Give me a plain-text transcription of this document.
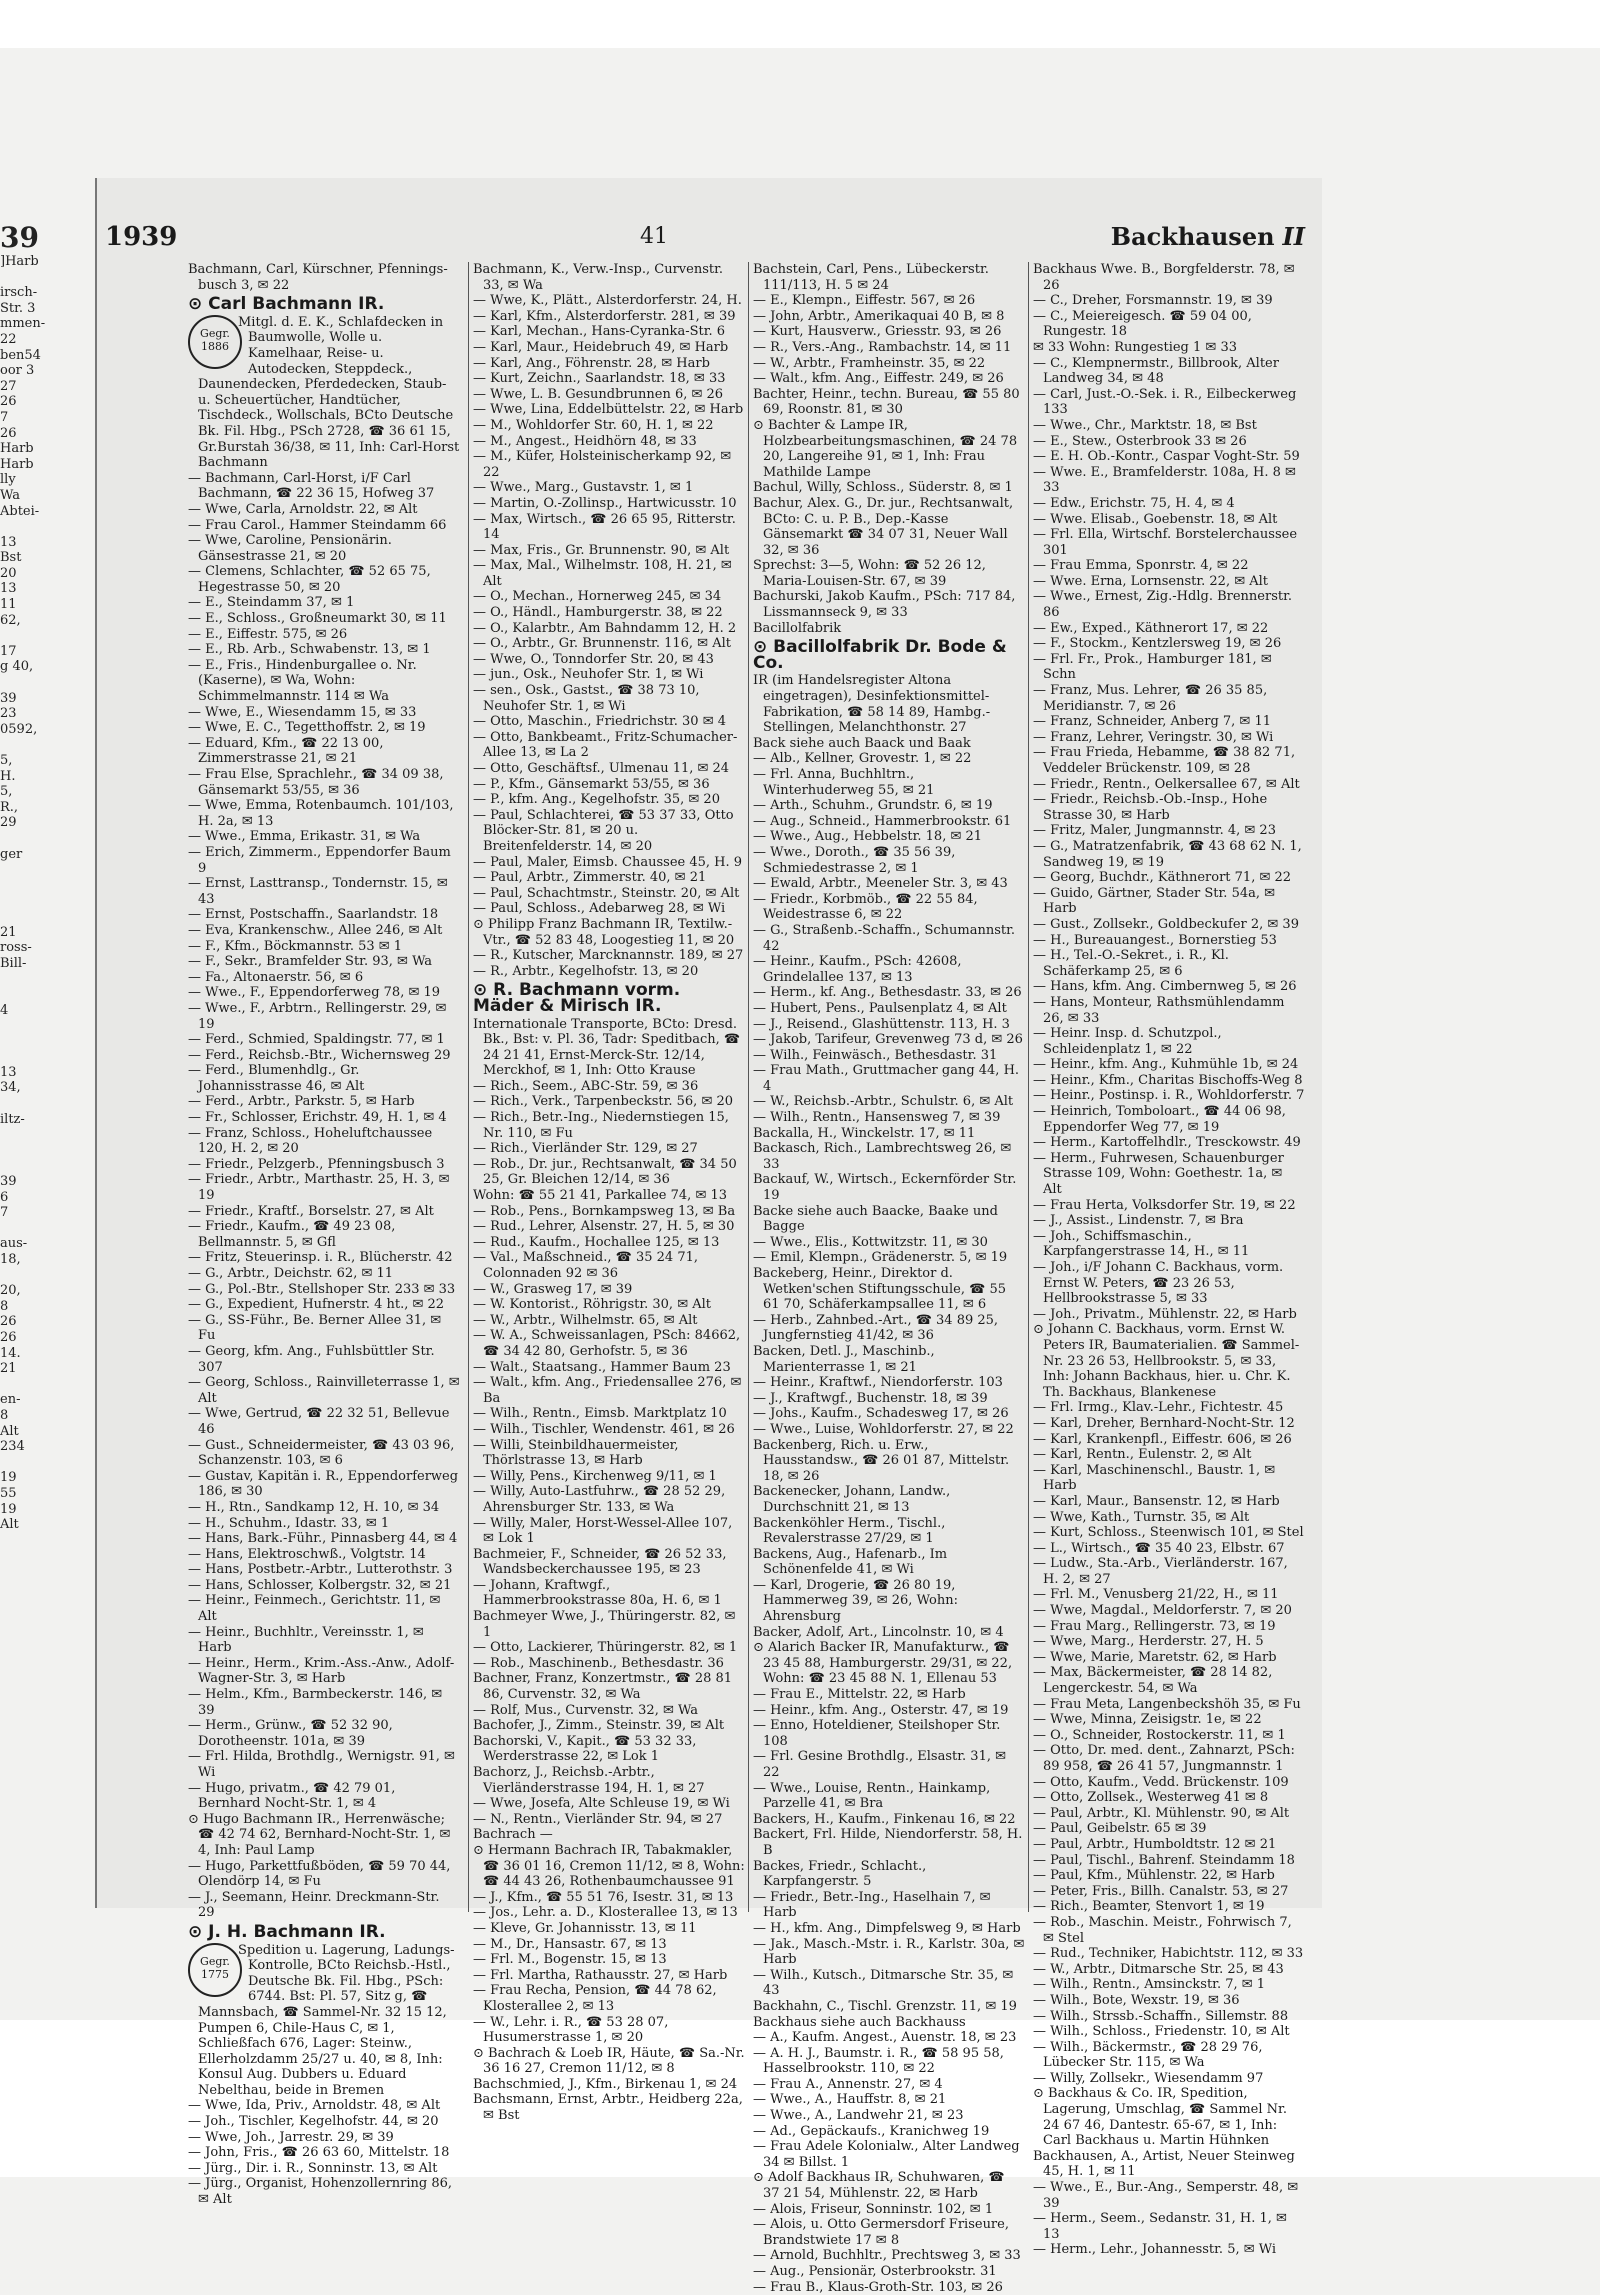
39
]Harb

irsch-
Str. 3
mmen-
22
ben54
oor 3
27
26
7
26
Harb
Harb
lly
Wa
Abtei-

13
Bst
20
13
11
62,

17
g 40,

39
23
0592,

5,
H.
5,
R.,
29

ger

21
ross-
Bill-

4

13
34,

iltz-

39
6
7

aus-
18,

20,
8
26
26
14.
21

en-
8
Alt
234

19
55
19
Alt
1939	41	Backhausen II

Bachmann, Carl, Kürschner, Pfennings-busch 3, ✉ 22

⊙ Carl Bachmann IR.
Gegr. 1886

Mitgl. d. E. K., Schlafdecken in Baumwolle, Wolle u. Kamelhaar, Reise- u. Autodecken, Steppdeck., Daunendecken, Pferdedecken, Staub- u. Scheuertücher, Handtücher, Tischdeck., Wollschals, BCto Deutsche Bk. Fil. Hbg., PSch 2728, ☎ 36 61 15, Gr.Burstah 36/38, ✉ 11, Inh: Carl-Horst Bachmann

— Bachmann, Carl-Horst, i/F Carl Bachmann, ☎ 22 36 15, Hofweg 37

— Wwe, Carla, Arnoldstr. 22, ✉ Alt

— Frau Carol., Hammer Steindamm 66

— Wwe, Caroline, Pensionärin. Gänsestrasse 21, ✉ 20

— Clemens, Schlachter, ☎ 52 65 75, Hegestrasse 50, ✉ 20

— E., Steindamm 37, ✉ 1

— E., Schloss., Großneumarkt 30, ✉ 11

— E., Eiffestr. 575, ✉ 26

— E., Rb. Arb., Schwabenstr. 13, ✉ 1

— E., Fris., Hindenburgallee o. Nr. (Kaserne), ✉ Wa, Wohn: Schimmelmannstr. 114 ✉ Wa

— Wwe, E., Wiesendamm 15, ✉ 33

— Wwe, E. C., Tegetthoffstr. 2, ✉ 19

— Eduard, Kfm., ☎ 22 13 00, Zimmerstrasse 21, ✉ 21

— Frau Else, Sprachlehr., ☎ 34 09 38, Gänsemarkt 53/55, ✉ 36

— Wwe, Emma, Rotenbaumch. 101/103, H. 2a, ✉ 13

— Wwe., Emma, Erikastr. 31, ✉ Wa

— Erich, Zimmerm., Eppendorfer Baum 9

— Ernst, Lasttransp., Tondernstr. 15, ✉ 43

— Ernst, Postschaffn., Saarlandstr. 18

— Eva, Krankenschw., Allee 246, ✉ Alt

— F., Kfm., Böckmannstr. 53 ✉ 1

— F., Sekr., Bramfelder Str. 93, ✉ Wa

— Fa., Altonaerstr. 56, ✉ 6

— Wwe., F., Eppendorferweg 78, ✉ 19

— Wwe., F., Arbtrn., Rellingerstr. 29, ✉ 19

— Ferd., Schmied, Spaldingstr. 77, ✉ 1

— Ferd., Reichsb.-Btr., Wichernsweg 29

— Ferd., Blumenhdlg., Gr. Johannisstrasse 46, ✉ Alt

— Ferd., Arbtr., Parkstr. 5, ✉ Harb

— Fr., Schlosser, Erichstr. 49, H. 1, ✉ 4

— Franz, Schloss., Hoheluftchaussee 120, H. 2, ✉ 20

— Friedr., Pelzgerb., Pfenningsbusch 3

— Friedr., Arbtr., Marthastr. 25, H. 3, ✉ 19

— Friedr., Kraftf., Borselstr. 27, ✉ Alt

— Friedr., Kaufm., ☎ 49 23 08, Bellmannstr. 5, ✉ Gfl

— Fritz, Steuerinsp. i. R., Blücherstr. 42

— G., Arbtr., Deichstr. 62, ✉ 11

— G., Pol.-Btr., Stellshoper Str. 233 ✉ 33

— G., Expedient, Hufnerstr. 4 ht., ✉ 22

— G., SS-Führ., Be. Berner Allee 31, ✉ Fu

— Georg, kfm. Ang., Fuhlsbüttler Str. 307

— Georg, Schloss., Rainvilleterrasse 1, ✉ Alt

— Wwe, Gertrud, ☎ 22 32 51, Bellevue 46

— Gust., Schneidermeister, ☎ 43 03 96, Schanzenstr. 103, ✉ 6

— Gustav, Kapitän i. R., Eppendorferweg 186, ✉ 30

— H., Rtn., Sandkamp 12, H. 10, ✉ 34

— H., Schuhm., Idastr. 33, ✉ 1

— Hans, Bark.-Führ., Pinnasberg 44, ✉ 4

— Hans, Elektroschwß., Volgtstr. 14

— Hans, Postbetr.-Arbtr., Lutterothstr. 3

— Hans, Schlosser, Kolbergstr. 32, ✉ 21

— Heinr., Feinmech., Gerichtstr. 11, ✉ Alt

— Heinr., Buchhltr., Vereinsstr. 1, ✉ Harb

— Heinr., Herm., Krim.-Ass.-Anw., Adolf-Wagner-Str. 3, ✉ Harb

— Helm., Kfm., Barmbeckerstr. 146, ✉ 39

— Herm., Grünw., ☎ 52 32 90, Dorotheenstr. 101a, ✉ 39

— Frl. Hilda, Brothdlg., Wernigstr. 91, ✉ Wi

— Hugo, privatm., ☎ 42 79 01, Bernhard Nocht-Str. 1, ✉ 4

⊙ Hugo Bachmann IR., Herrenwäsche; ☎ 42 74 62, Bernhard-Nocht-Str. 1, ✉ 4, Inh: Paul Lamp

— Hugo, Parkettfußböden, ☎ 59 70 44, Olendörp 14, ✉ Fu

— J., Seemann, Heinr. Dreckmann-Str. 29

⊙ J. H. Bachmann IR.
Gegr. 1775

Spedition u. Lagerung, Ladungs-Kontrolle, BCto Reichsb.-Hstl., Deutsche Bk. Fil. Hbg., PSch: 6744. Bst: Pl. 57, Sitz g, ☎ Mannsbach, ☎ Sammel-Nr. 32 15 12, Pumpen 6, Chile-Haus C, ✉ 1, Schließfach 676, Lager: Steinw., Ellerholzdamm 25/27 u. 40, ✉ 8, Inh: Konsul Aug. Dubbers u. Eduard Nebelthau, beide in Bremen

— Wwe, Ida, Priv., Arnoldstr. 48, ✉ Alt

— Joh., Tischler, Kegelhofstr. 44, ✉ 20

— Wwe, Joh., Jarrestr. 29, ✉ 39

— John, Fris., ☎ 26 63 60, Mittelstr. 18

— Jürg., Dir. i. R., Sonninstr. 13, ✉ Alt

— Jürg., Organist, Hohenzollernring 86, ✉ Alt

Bachmann, K., Verw.-Insp., Curvenstr. 33, ✉ Wa

— Wwe, K., Plätt., Alsterdorferstr. 24, H.

— Karl, Kfm., Alsterdorferstr. 281, ✉ 39

— Karl, Mechan., Hans-Cyranka-Str. 6

— Karl, Maur., Heidebruch 49, ✉ Harb

— Karl, Ang., Föhrenstr. 28, ✉ Harb

— Kurt, Zeichn., Saarlandstr. 18, ✉ 33

— Wwe, L. B. Gesundbrunnen 6, ✉ 26

— Wwe, Lina, Eddelbüttelstr. 22, ✉ Harb

— M., Wohldorfer Str. 60, H. 1, ✉ 22

— M., Angest., Heidhörn 48, ✉ 33

— M., Küfer, Holsteinischerkamp 92, ✉ 22

— Wwe., Marg., Gustavstr. 1, ✉ 1

— Martin, O.-Zollinsp., Hartwicusstr. 10

— Max, Wirtsch., ☎ 26 65 95, Ritterstr. 14

— Max, Fris., Gr. Brunnenstr. 90, ✉ Alt

— Max, Mal., Wilhelmstr. 108, H. 21, ✉ Alt

— O., Mechan., Hornerweg 245, ✉ 34

— O., Händl., Hamburgerstr. 38, ✉ 22

— O., Kalarbtr., Am Bahndamm 12, H. 2

— O., Arbtr., Gr. Brunnenstr. 116, ✉ Alt

— Wwe, O., Tonndorfer Str. 20, ✉ 43

— jun., Osk., Neuhofer Str. 1, ✉ Wi

— sen., Osk., Gastst., ☎ 38 73 10, Neuhofer Str. 1, ✉ Wi

— Otto, Maschin., Friedrichstr. 30 ✉ 4

— Otto, Bankbeamt., Fritz-Schumacher-Allee 13, ✉ La 2

— Otto, Geschäftsf., Ulmenau 11, ✉ 24

— P., Kfm., Gänsemarkt 53/55, ✉ 36

— P., kfm. Ang., Kegelhofstr. 35, ✉ 20

— Paul, Schlachterei, ☎ 53 37 33, Otto Blöcker-Str. 81, ✉ 20 u. Breitenfelderstr. 14, ✉ 20

— Paul, Maler, Eimsb. Chaussee 45, H. 9

— Paul, Arbtr., Zimmerstr. 40, ✉ 21

— Paul, Schachtmstr., Steinstr. 20, ✉ Alt

— Paul, Schloss., Adebarweg 28, ✉ Wi

⊙ Philipp Franz Bachmann IR, Textilw.-Vtr., ☎ 52 83 48, Loogestieg 11, ✉ 20

— R., Kutscher, Marcknannstr. 189, ✉ 27

— R., Arbtr., Kegelhofstr. 13, ✉ 20

⊙ R. Bachmann vorm. Mäder & Mirisch IR.

Internationale Transporte, BCto: Dresd. Bk., Bst: v. Pl. 36, Tadr: Speditbach, ☎ 24 21 41, Ernst-Merck-Str. 12/14, Merckhof, ✉ 1, Inh: Otto Krause

— Rich., Seem., ABC-Str. 59, ✉ 36

— Rich., Verk., Tarpenbeckstr. 56, ✉ 20

— Rich., Betr.-Ing., Niedernstiegen 15, Nr. 110, ✉ Fu

— Rich., Vierländer Str. 129, ✉ 27

— Rob., Dr. jur., Rechtsanwalt, ☎ 34 50 25, Gr. Bleichen 12/14, ✉ 36

Wohn: ☎ 55 21 41, Parkallee 74, ✉ 13

— Rob., Pens., Bornkampsweg 13, ✉ Ba

— Rud., Lehrer, Alsenstr. 27, H. 5, ✉ 30

— Rud., Kaufm., Hochallee 125, ✉ 13

— Val., Maßschneid., ☎ 35 24 71, Colonnaden 92 ✉ 36

— W., Grasweg 17, ✉ 39

— W. Kontorist., Röhrigstr. 30, ✉ Alt

— W., Arbtr., Wilhelmstr. 65, ✉ Alt

— W. A., Schweissanlagen, PSch: 84662, ☎ 34 42 80, Gerhofstr. 5, ✉ 36

— Walt., Staatsang., Hammer Baum 23

— Walt., kfm. Ang., Friedensallee 276, ✉ Ba

— Wilh., Rentn., Eimsb. Marktplatz 10

— Wilh., Tischler, Wendenstr. 461, ✉ 26

— Willi, Steinbildhauermeister, Thörlstrasse 13, ✉ Harb

— Willy, Pens., Kirchenweg 9/11, ✉ 1

— Willy, Auto-Lastfuhrw., ☎ 28 52 29, Ahrensburger Str. 133, ✉ Wa

— Willy, Maler, Horst-Wessel-Allee 107, ✉ Lok 1

Bachmeier, F., Schneider, ☎ 26 52 33, Wandsbeckerchaussee 195, ✉ 23

— Johann, Kraftwgf., Hammerbrookstrasse 80a, H. 6, ✉ 1

Bachmeyer Wwe, J., Thüringerstr. 82, ✉ 1

— Otto, Lackierer, Thüringerstr. 82, ✉ 1

— Rob., Maschinenb., Bethesdastr. 36

Bachner, Franz, Konzertmstr., ☎ 28 81 86, Curvenstr. 32, ✉ Wa

— Rolf, Mus., Curvenstr. 32, ✉ Wa

Bachofer, J., Zimm., Steinstr. 39, ✉ Alt

Bachorski, V., Kapit., ☎ 53 32 33, Werderstrasse 22, ✉ Lok 1

Bachorz, J., Reichsb.-Arbtr., Vierländerstrasse 194, H. 1, ✉ 27

— Wwe, Josefa, Alte Schleuse 19, ✉ Wi

— N., Rentn., Vierländer Str. 94, ✉ 27

Bachrach —

⊙ Hermann Bachrach IR, Tabakmakler, ☎ 36 01 16, Cremon 11/12, ✉ 8, Wohn: ☎ 44 43 26, Rothenbaumchaussee 91

— J., Kfm., ☎ 55 51 76, Isestr. 31, ✉ 13

— Jos., Lehr. a. D., Klosterallee 13, ✉ 13

— Kleve, Gr. Johannisstr. 13, ✉ 11

— M., Dr., Hansastr. 67, ✉ 13

— Frl. M., Bogenstr. 15, ✉ 13

— Frl. Martha, Rathausstr. 27, ✉ Harb

— Frau Recha, Pension, ☎ 44 78 62, Klosterallee 2, ✉ 13

— W., Lehr. i. R., ☎ 53 28 07, Husumerstrasse 1, ✉ 20

⊙ Bachrach & Loeb IR, Häute, ☎ Sa.-Nr. 36 16 27, Cremon 11/12, ✉ 8

Bachschmied, J., Kfm., Birkenau 1, ✉ 24

Bachsmann, Ernst, Arbtr., Heidberg 22a, ✉ Bst

Bachstein, Carl, Pens., Lübeckerstr. 111/113, H. 5 ✉ 24

— E., Klempn., Eiffestr. 567, ✉ 26

— John, Arbtr., Amerikaquai 40 B, ✉ 8

— Kurt, Hausverw., Griesstr. 93, ✉ 26

— R., Vers.-Ang., Rambachstr. 14, ✉ 11

— W., Arbtr., Framheinstr. 35, ✉ 22

— Walt., kfm. Ang., Eiffestr. 249, ✉ 26

Bachter, Heinr., techn. Bureau, ☎ 55 80 69, Roonstr. 81, ✉ 30

⊙ Bachter & Lampe IR, Holzbearbeitungsmaschinen, ☎ 24 78 20, Langereihe 91, ✉ 1, Inh: Frau Mathilde Lampe

Bachul, Willy, Schloss., Süderstr. 8, ✉ 1

Bachur, Alex. G., Dr. jur., Rechtsanwalt, BCto: C. u. P. B., Dep.-Kasse Gänsemarkt ☎ 34 07 31, Neuer Wall 32, ✉ 36

Sprechst: 3—5, Wohn: ☎ 52 26 12, Maria-Louisen-Str. 67, ✉ 39

Bachurski, Jakob Kaufm., PSch: 717 84, Lissmannseck 9, ✉ 33

Bacillolfabrik

⊙ Bacillolfabrik Dr. Bode & Co.

IR (im Handelsregister Altona eingetragen), Desinfektionsmittel-Fabrikation, ☎ 58 14 89, Hambg.-Stellingen, Melanchthonstr. 27

Back siehe auch Baack und Baak

— Alb., Kellner, Grovestr. 1, ✉ 22

— Frl. Anna, Buchhltrn., Winterhuderweg 55, ✉ 21

— Arth., Schuhm., Grundstr. 6, ✉ 19

— Aug., Schneid., Hammerbrookstr. 61

— Wwe., Aug., Hebbelstr. 18, ✉ 21

— Wwe., Doroth., ☎ 35 56 39, Schmiedestrasse 2, ✉ 1

— Ewald, Arbtr., Meeneler Str. 3, ✉ 43

— Friedr., Korbmöb., ☎ 22 55 84, Weidestrasse 6, ✉ 22

— G., Straßenb.-Schaffn., Schumannstr. 42

— Heinr., Kaufm., PSch: 42608, Grindelallee 137, ✉ 13

— Herm., kf. Ang., Bethesdastr. 33, ✉ 26

— Hubert, Pens., Paulsenplatz 4, ✉ Alt

— J., Reisend., Glashüttenstr. 113, H. 3

— Jakob, Tarifeur, Grevenweg 73 d, ✉ 26

— Wilh., Feinwäsch., Bethesdastr. 31

— Frau Math., Gruttmacher gang 44, H. 4

— W., Reichsb.-Arbtr., Schulstr. 6, ✉ Alt

— Wilh., Rentn., Hansensweg 7, ✉ 39

Backalla, H., Winckelstr. 17, ✉ 11

Backasch, Rich., Lambrechtsweg 26, ✉ 33

Backauf, W., Wirtsch., Eckernförder Str. 19

Backe siehe auch Baacke, Baake und Bagge

— Wwe., Elis., Kottwitzstr. 11, ✉ 30

— Emil, Klempn., Grädenerstr. 5, ✉ 19

Backeberg, Heinr., Direktor d. Wetken'schen Stiftungsschule, ☎ 55 61 70, Schäferkampsallee 11, ✉ 6

— Herb., Zahnbed.-Art., ☎ 34 89 25, Jungfernstieg 41/42, ✉ 36

Backen, Detl. J., Maschinb., Marienterrasse 1, ✉ 21

— Heinr., Kraftwf., Niendorferstr. 103

— J., Kraftwgf., Buchenstr. 18, ✉ 39

— Johs., Kaufm., Schadesweg 17, ✉ 26

— Wwe., Luise, Wohldorferstr. 27, ✉ 22

Backenberg, Rich. u. Erw., Hausstandsw., ☎ 26 01 87, Mittelstr. 18, ✉ 26

Backenecker, Johann, Landw., Durchschnitt 21, ✉ 13

Backenköhler Herm., Tischl., Revalerstrasse 27/29, ✉ 1

Backens, Aug., Hafenarb., Im Schönenfelde 41, ✉ Wi

— Karl, Drogerie, ☎ 26 80 19, Hammerweg 39, ✉ 26, Wohn: Ahrensburg

Backer, Adolf, Art., Lincolnstr. 10, ✉ 4

⊙ Alarich Backer IR, Manufakturw., ☎ 23 45 88, Hamburgerstr. 29/31, ✉ 22, Wohn: ☎ 23 45 88 N. 1, Ellenau 53

— Frau E., Mittelstr. 22, ✉ Harb

— Heinr., kfm. Ang., Osterstr. 47, ✉ 19

— Enno, Hoteldiener, Steilshoper Str. 108

— Frl. Gesine Brothdlg., Elsastr. 31, ✉ 22

— Wwe., Louise, Rentn., Hainkamp, Parzelle 41, ✉ Bra

Backers, H., Kaufm., Finkenau 16, ✉ 22

Backert, Frl. Hilde, Niendorferstr. 58, H. B

Backes, Friedr., Schlacht., Karpfangerstr. 5

— Friedr., Betr.-Ing., Haselhain 7, ✉ Harb

— H., kfm. Ang., Dimpfelsweg 9, ✉ Harb

— Jak., Masch.-Mstr. i. R., Karlstr. 30a, ✉ Harb

— Wilh., Kutsch., Ditmarsche Str. 35, ✉ 43

Backhahn, C., Tischl. Grenzstr. 11, ✉ 19

Backhaus siehe auch Backhauss

— A., Kaufm. Angest., Auenstr. 18, ✉ 23

— A. H. J., Baumstr. i. R., ☎ 58 95 58, Hasselbrookstr. 110, ✉ 22

— Frau A., Annenstr. 27, ✉ 4

— Wwe., A., Hauffstr. 8, ✉ 21

— Wwe., A., Landwehr 21, ✉ 23

— Ad., Gepäckaufs., Kranichweg 19

— Frau Adele Kolonialw., Alter Landweg 34 ✉ Billst. 1

⊙ Adolf Backhaus IR, Schuhwaren, ☎ 37 21 54, Mühlenstr. 22, ✉ Harb

— Alois, Friseur, Sonninstr. 102, ✉ 1

— Alois, u. Otto Germersdorf Friseure, Brandstwiete 17 ✉ 8

— Arnold, Buchhltr., Prechtsweg 3, ✉ 33

— Aug., Pensionär, Osterbrookstr. 31

— Frau B., Klaus-Groth-Str. 103, ✉ 26

Backhaus Wwe. B., Borgfelderstr. 78, ✉ 26

— C., Dreher, Forsmannstr. 19, ✉ 39

— C., Meiereigesch. ☎ 59 04 00, Rungestr. 18

✉ 33 Wohn: Rungestieg 1 ✉ 33

— C., Klempnermstr., Billbrook, Alter Landweg 34, ✉ 48

— Carl, Just.-O.-Sek. i. R., Eilbeckerweg 133

— Wwe., Chr., Marktstr. 18, ✉ Bst

— E., Stew., Osterbrook 33 ✉ 26

— E. H. Ob.-Kontr., Caspar Voght-Str. 59

— Wwe. E., Bramfelderstr. 108a, H. 8 ✉ 33

— Edw., Erichstr. 75, H. 4, ✉ 4

— Wwe. Elisab., Goebenstr. 18, ✉ Alt

— Frl. Ella, Wirtschf. Borstelerchaussee 301

— Frau Emma, Sponrstr. 4, ✉ 22

— Wwe. Erna, Lornsenstr. 22, ✉ Alt

— Wwe., Ernest, Zig.-Hdlg. Brennerstr. 86

— Ew., Exped., Käthnerort 17, ✉ 22

— F., Stockm., Kentzlersweg 19, ✉ 26

— Frl. Fr., Prok., Hamburger 181, ✉ Schn

— Franz, Mus. Lehrer, ☎ 26 35 85, Meridianstr. 7, ✉ 26

— Franz, Schneider, Anberg 7, ✉ 11

— Franz, Lehrer, Veringstr. 30, ✉ Wi

— Frau Frieda, Hebamme, ☎ 38 82 71, Veddeler Brückenstr. 109, ✉ 28

— Friedr., Rentn., Oelkersallee 67, ✉ Alt

— Friedr., Reichsb.-Ob.-Insp., Hohe Strasse 30, ✉ Harb

— Fritz, Maler, Jungmannstr. 4, ✉ 23

— G., Matratzenfabrik, ☎ 43 68 62 N. 1, Sandweg 19, ✉ 19

— Georg, Buchdr., Käthnerort 71, ✉ 22

— Guido, Gärtner, Stader Str. 54a, ✉ Harb

— Gust., Zollsekr., Goldbeckufer 2, ✉ 39

— H., Bureauangest., Bornerstieg 53

— H., Tel.-O.-Sekret., i. R., Kl. Schäferkamp 25, ✉ 6

— Hans, kfm. Ang. Cimbernweg 5, ✉ 26

— Hans, Monteur, Rathsmühlendamm 26, ✉ 33

— Heinr. Insp. d. Schutzpol., Schleidenplatz 1, ✉ 22

— Heinr., kfm. Ang., Kuhmühle 1b, ✉ 24

— Heinr., Kfm., Charitas Bischoffs-Weg 8

— Heinr., Postinsp. i. R., Wohldorferstr. 7

— Heinrich, Tomboloart., ☎ 44 06 98, Eppendorfer Weg 77, ✉ 19

— Herm., Kartoffelhdlr., Tresckowstr. 49

— Herm., Fuhrwesen, Schauenburger Strasse 109, Wohn: Goethestr. 1a, ✉ Alt

— Frau Herta, Volksdorfer Str. 19, ✉ 22

— J., Assist., Lindenstr. 7, ✉ Bra

— Joh., Schiffsmaschin., Karpfangerstrasse 14, H., ✉ 11

— Joh., i/F Johann C. Backhaus, vorm. Ernst W. Peters, ☎ 23 26 53, Hellbrookstrasse 5, ✉ 33

— Joh., Privatm., Mühlenstr. 22, ✉ Harb

⊙ Johann C. Backhaus, vorm. Ernst W. Peters IR, Baumaterialien. ☎ Sammel-Nr. 23 26 53, Hellbrookstr. 5, ✉ 33, Inh: Johann Backhaus, hier. u. Chr. K. Th. Backhaus, Blankenese

— Frl. Irmg., Klav.-Lehr., Fichtestr. 45

— Karl, Dreher, Bernhard-Nocht-Str. 12

— Karl, Krankenpfl., Eiffestr. 606, ✉ 26

— Karl, Rentn., Eulenstr. 2, ✉ Alt

— Karl, Maschinenschl., Baustr. 1, ✉ Harb

— Karl, Maur., Bansenstr. 12, ✉ Harb

— Wwe, Kath., Turnstr. 35, ✉ Alt

— Kurt, Schloss., Steenwisch 101, ✉ Stel

— L., Wirtsch., ☎ 35 40 23, Elbstr. 67

— Ludw., Sta.-Arb., Vierländerstr. 167, H. 2, ✉ 27

— Frl. M., Venusberg 21/22, H., ✉ 11

— Wwe, Magdal., Meldorferstr. 7, ✉ 20

— Frau Marg., Rellingerstr. 73, ✉ 19

— Wwe, Marg., Herderstr. 27, H. 5

— Wwe, Marie, Maretstr. 62, ✉ Harb

— Max, Bäckermeister, ☎ 28 14 82, Lengerckestr. 54, ✉ Wa

— Frau Meta, Langenbeckshöh 35, ✉ Fu

— Wwe, Minna, Zeisigstr. 1e, ✉ 22

— O., Schneider, Rostockerstr. 11, ✉ 1

— Otto, Dr. med. dent., Zahnarzt, PSch: 89 958, ☎ 26 41 57, Jungmannstr. 1

— Otto, Kaufm., Vedd. Brückenstr. 109

— Otto, Zollsek., Westerweg 41 ✉ 8

— Paul, Arbtr., Kl. Mühlenstr. 90, ✉ Alt

— Paul, Geibelstr. 65 ✉ 39

— Paul, Arbtr., Humboldtstr. 12 ✉ 21

— Paul, Tischl., Bahrenf. Steindamm 18

— Paul, Kfm., Mühlenstr. 22, ✉ Harb

— Peter, Fris., Billh. Canalstr. 53, ✉ 27

— Rich., Beamter, Stenvort 1, ✉ 19

— Rob., Maschin. Meistr., Fohrwisch 7, ✉ Stel

— Rud., Techniker, Habichtstr. 112, ✉ 33

— W., Arbtr., Ditmarsche Str. 25, ✉ 43

— Wilh., Rentn., Amsinckstr. 7, ✉ 1

— Wilh., Bote, Wexstr. 19, ✉ 36

— Wilh., Strssb.-Schaffn., Sillemstr. 88

— Wilh., Schloss., Friedenstr. 10, ✉ Alt

— Wilh., Bäckermstr., ☎ 28 29 76, Lübecker Str. 115, ✉ Wa

— Willy, Zollsekr., Wiesendamm 97

⊙ Backhaus & Co. IR, Spedition, Lagerung, Umschlag, ☎ Sammel Nr. 24 67 46, Dantestr. 65-67, ✉ 1, Inh: Carl Backhaus u. Martin Hühnken

Backhausen, A., Artist, Neuer Steinweg 45, H. 1, ✉ 11

— Wwe., E., Bur.-Ang., Semperstr. 48, ✉ 39

— Herm., Seem., Sedanstr. 31, H. 1, ✉ 13

— Herm., Lehr., Johannesstr. 5, ✉ Wi
